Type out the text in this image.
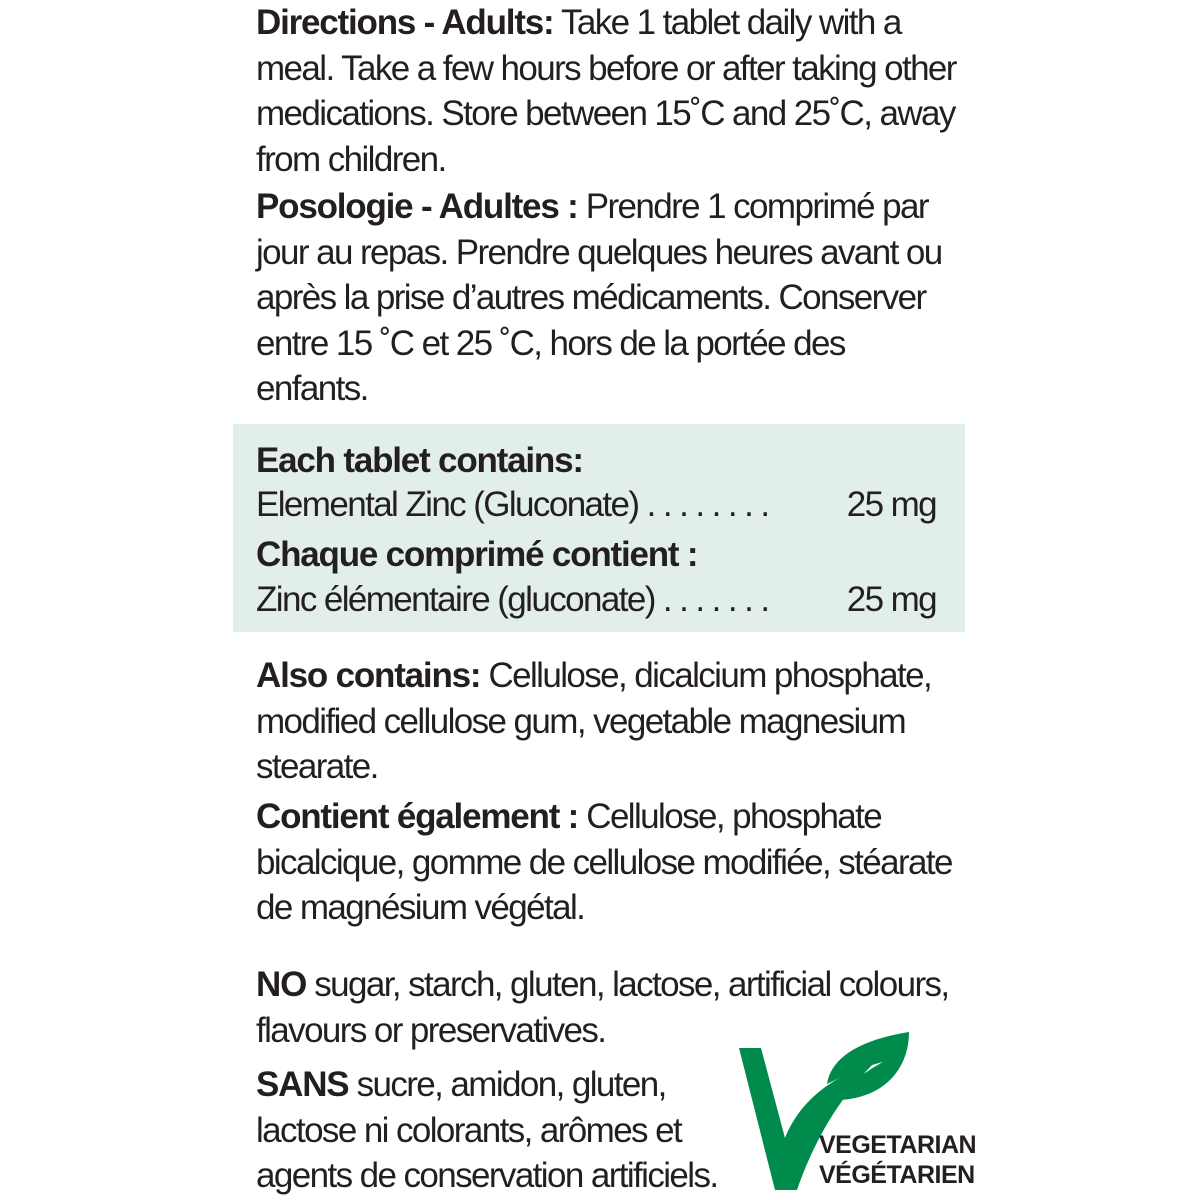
Directions - Adults: Take 1 tablet daily with a meal. Take a few hours before or after taking other medications. Store between 15˚C and 25˚C, away from children.

Posologie - Adultes : Prendre 1 comprimé par jour au repas. Prendre quelques heures avant ou après la prise d’autres médicaments. Conserver entre 15 ˚C et 25 ˚C, hors de la portée des enfants.

Each tablet contains:
Elemental Zinc (Gluconate) . . . . . . . . 25 mg
Chaque comprimé contient :
Zinc élémentaire (gluconate) . . . . . . . 25 mg

Also contains: Cellulose, dicalcium phosphate, modified cellulose gum, vegetable magnesium stearate.

Contient également : Cellulose, phosphate bicalcique, gomme de cellulose modifiée, stéarate de magnésium végétal.

NO sugar, starch, gluten, lactose, artificial colours, flavours or preservatives.

SANS sucre, amidon, gluten, lactose ni colorants, arômes et agents de conservation artificiels.

VEGETARIAN
VÉGÉTARIEN
